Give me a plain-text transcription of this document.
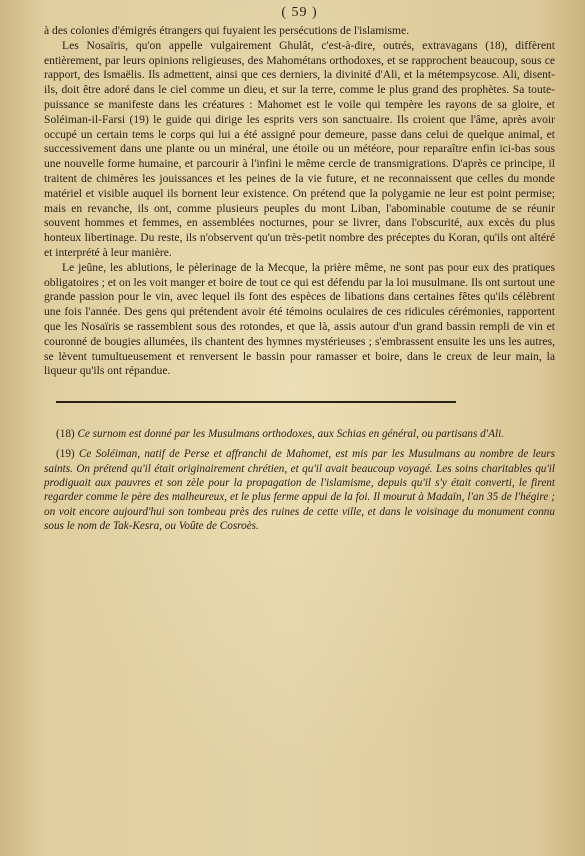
( 59 )

à des colonies d'émigrés étrangers qui fuyaient les persécutions de l'islamisme.

Les Nosaïris, qu'on appelle vulgairement Ghulât, c'est-à-dire, outrés, extravagans (18), diffèrent entièrement, par leurs opinions religieuses, des Mahométans orthodoxes, et se rapprochent beaucoup, sous ce rapport, des Ismaëlis. Ils admettent, ainsi que ces derniers, la divinité d'Ali, et la métempsycose. Ali, disent-ils, doit être adoré dans le ciel comme un dieu, et sur la terre, comme le plus grand des prophètes. Sa toute-puissance se manifeste dans les créatures : Mahomet est le voile qui tempère les rayons de sa gloire, et Soléiman-il-Farsi (19) le guide qui dirige les esprits vers son sanctuaire. Ils croient que l'âme, après avoir occupé un certain tems le corps qui lui a été assigné pour demeure, passe dans celui de quelque animal, et successivement dans une plante ou un minéral, une étoile ou un météore, pour reparaître enfin ici-bas sous une nouvelle forme humaine, et parcourir à l'infini le même cercle de transmigrations. D'après ce principe, il traitent de chimères les jouissances et les peines de la vie future, et ne reconnaissent que celles du monde matériel et visible auquel ils bornent leur existence. On prétend que la polygamie ne leur est point permise; mais en revanche, ils ont, comme plusieurs peuples du mont Liban, l'abominable coutume de se réunir souvent hommes et femmes, en assemblées nocturnes, pour se livrer, dans l'obscurité, aux excès du plus honteux libertinage. Du reste, ils n'observent qu'un très-petit nombre des préceptes du Koran, qu'ils ont altéré et interprété à leur manière.

Le jeûne, les ablutions, le pèlerinage de la Mecque, la prière même, ne sont pas pour eux des pratiques obligatoires ; et on les voit manger et boire de tout ce qui est défendu par la loi musulmane. Ils ont surtout une grande passion pour le vin, avec lequel ils font des espèces de libations dans certaines fêtes qu'ils célèbrent une fois l'année. Des gens qui prétendent avoir été témoins oculaires de ces ridicules cérémonies, rapportent que les Nosaïris se rassemblent sous des rotondes, et que là, assis autour d'un grand bassin rempli de vin et couronné de bougies allumées, ils chantent des hymnes mystérieuses ; s'embrassent ensuite les uns les autres, se lèvent tumultueusement et renversent le bassin pour ramasser et boire, dans le creux de leur main, la liqueur qu'ils ont répandue.

(18) Ce surnom est donné par les Musulmans orthodoxes, aux Schias en général, ou partisans d'Ali.

(19) Ce Soléiman, natif de Perse et affranchi de Mahomet, est mis par les Musulmans au nombre de leurs saints. On prétend qu'il était originairement chrétien, et qu'il avait beaucoup voyagé. Les soins charitables qu'il prodiguait aux pauvres et son zèle pour la propagation de l'islamisme, depuis qu'il s'y était converti, le firent regarder comme le père des malheureux, et le plus ferme appui de la foi. Il mourut à Madaïn, l'an 35 de l'hégire ; on voit encore aujourd'hui son tombeau près des ruines de cette ville, et dans le voisinage du monument connu sous le nom de Tak-Kesra, ou Voûte de Cosroès.
